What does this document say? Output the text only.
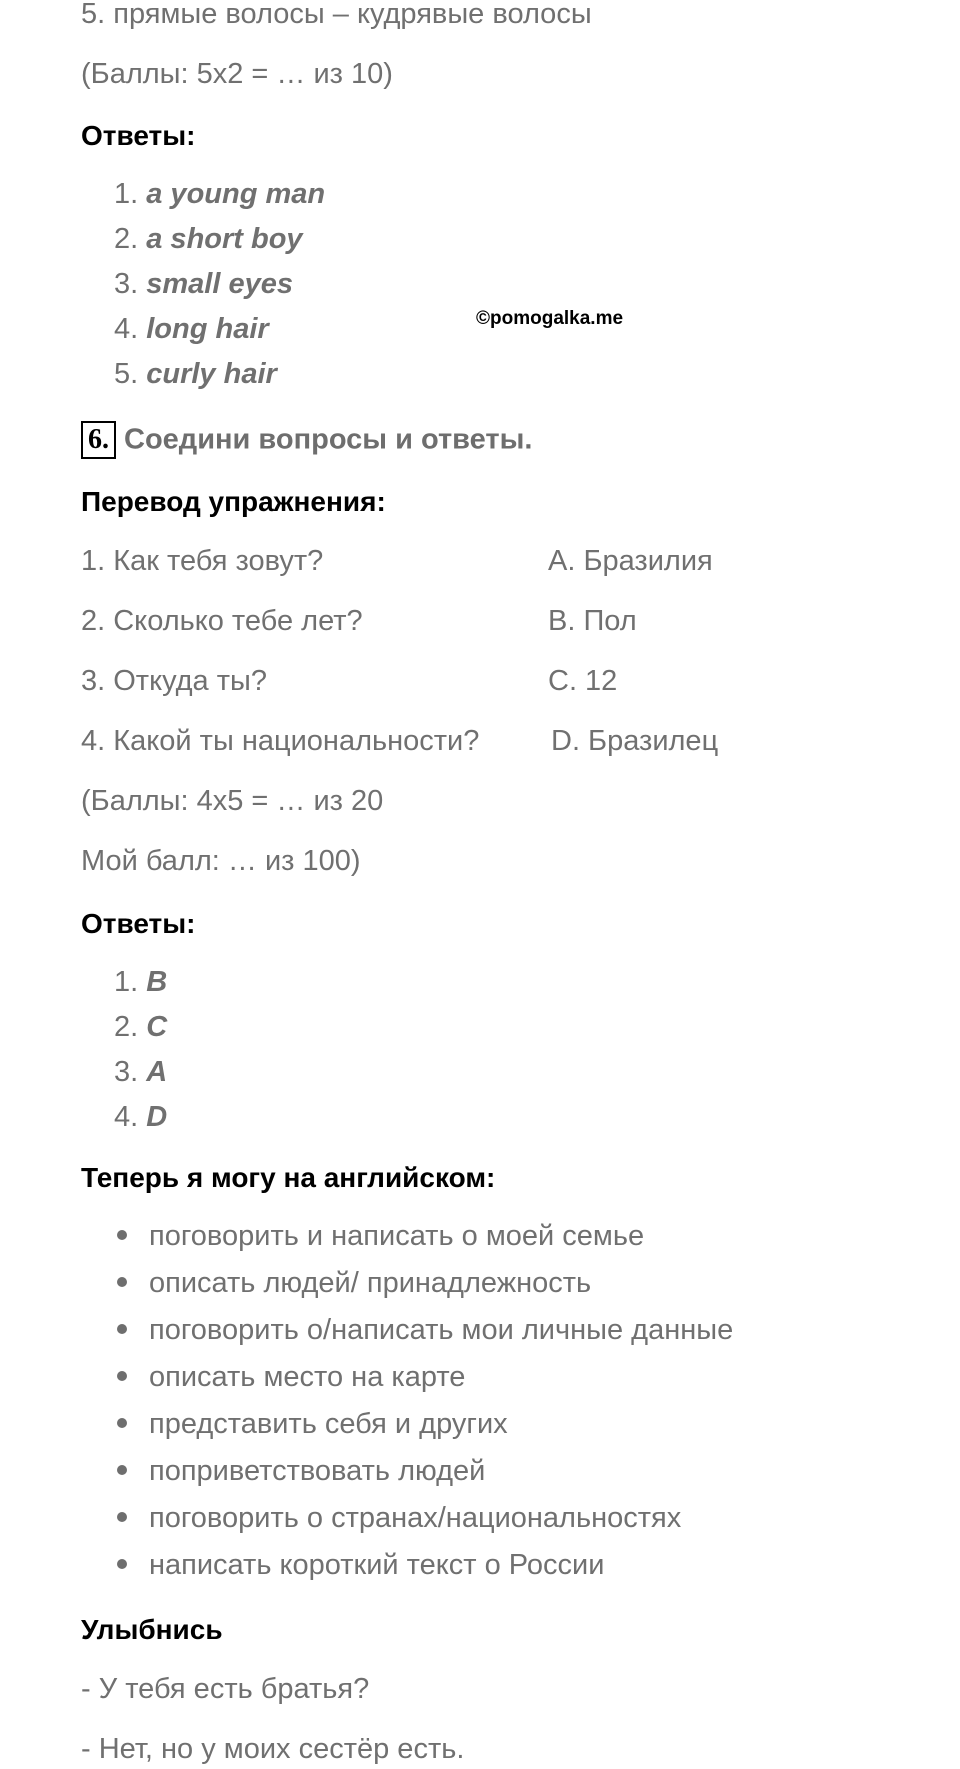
5. прямые волосы – кудрявые волосы
(Баллы: 5x2 = … из 10)
Ответы:
1. a young man
2. a short boy
3. small eyes
4. long hair
5. curly hair
©pomogalka.me
6. Соедини вопросы и ответы.
Перевод упражнения:
1. Как тебя зовут?
2. Сколько тебе лет?
3. Откуда ты?
4. Какой ты национальности?
A. Бразилия
B. Пол
C. 12
D. Бразилец
(Баллы: 4x5 = … из 20
Мой балл: … из 100)
Ответы:
1. B
2. C
3. A
4. D
Теперь я могу на английском:
поговорить и написать о моей семье
описать людей/ принадлежность
поговорить о/написать мои личные данные
описать место на карте
представить себя и других
поприветствовать людей
поговорить о странах/национальностях
написать короткий текст о России
Улыбнись
- У тебя есть братья?
- Нет, но у моих сестёр есть.
